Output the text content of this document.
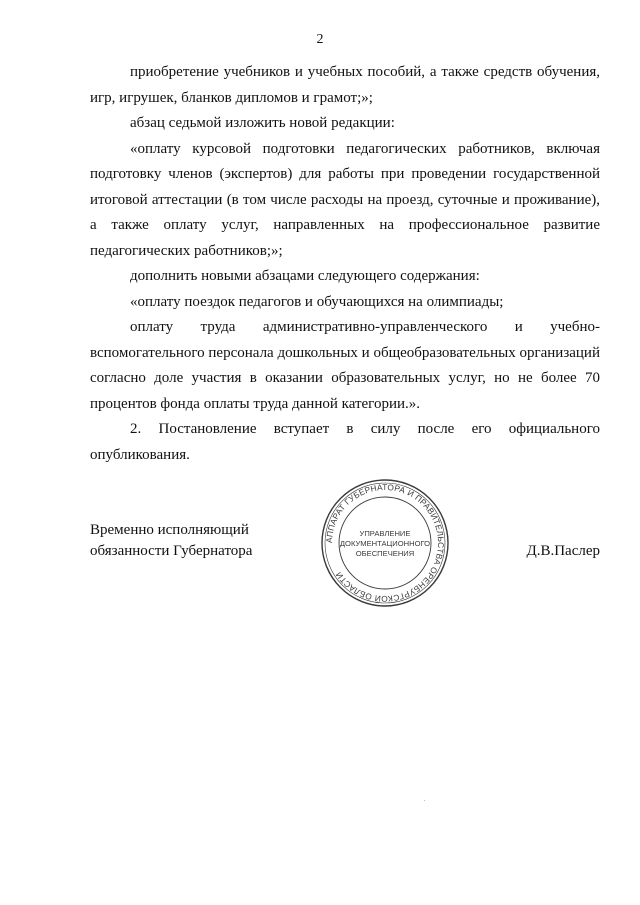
2

приобретение учебников и учебных пособий, а также средств обучения, игр, игрушек, бланков дипломов и грамот;»;

абзац седьмой изложить новой редакции:

«оплату курсовой подготовки педагогических работников, включая подготовку членов (экспертов) для работы при проведении государственной итоговой аттестации (в том числе расходы на проезд, суточные и проживание), а также оплату услуг, направленных на профессиональное развитие педагогических работников;»;

дополнить новыми абзацами следующего содержания:

«оплату поездок педагогов и обучающихся на олимпиады;

оплату труда административно-управленческого и учебно-вспомогательного персонала дошкольных и общеобразовательных организаций согласно доле участия в оказании образовательных услуг, но не более 70 процентов фонда оплаты труда данной категории.».

2. Постановление вступает в силу после его официального опубликования.

Временно исполняющий
обязанности Губернатора	Д.В.Паслер
АППАРАТ ГУБЕРНАТОРА И ПРАВИТЕЛЬСТВА ОРЕНБУРГСКОЙ ОБЛАСТИ
УПРАВЛЕНИЕ
ДОКУМЕНТАЦИОННОГО
ОБЕСПЕЧЕНИЯ
